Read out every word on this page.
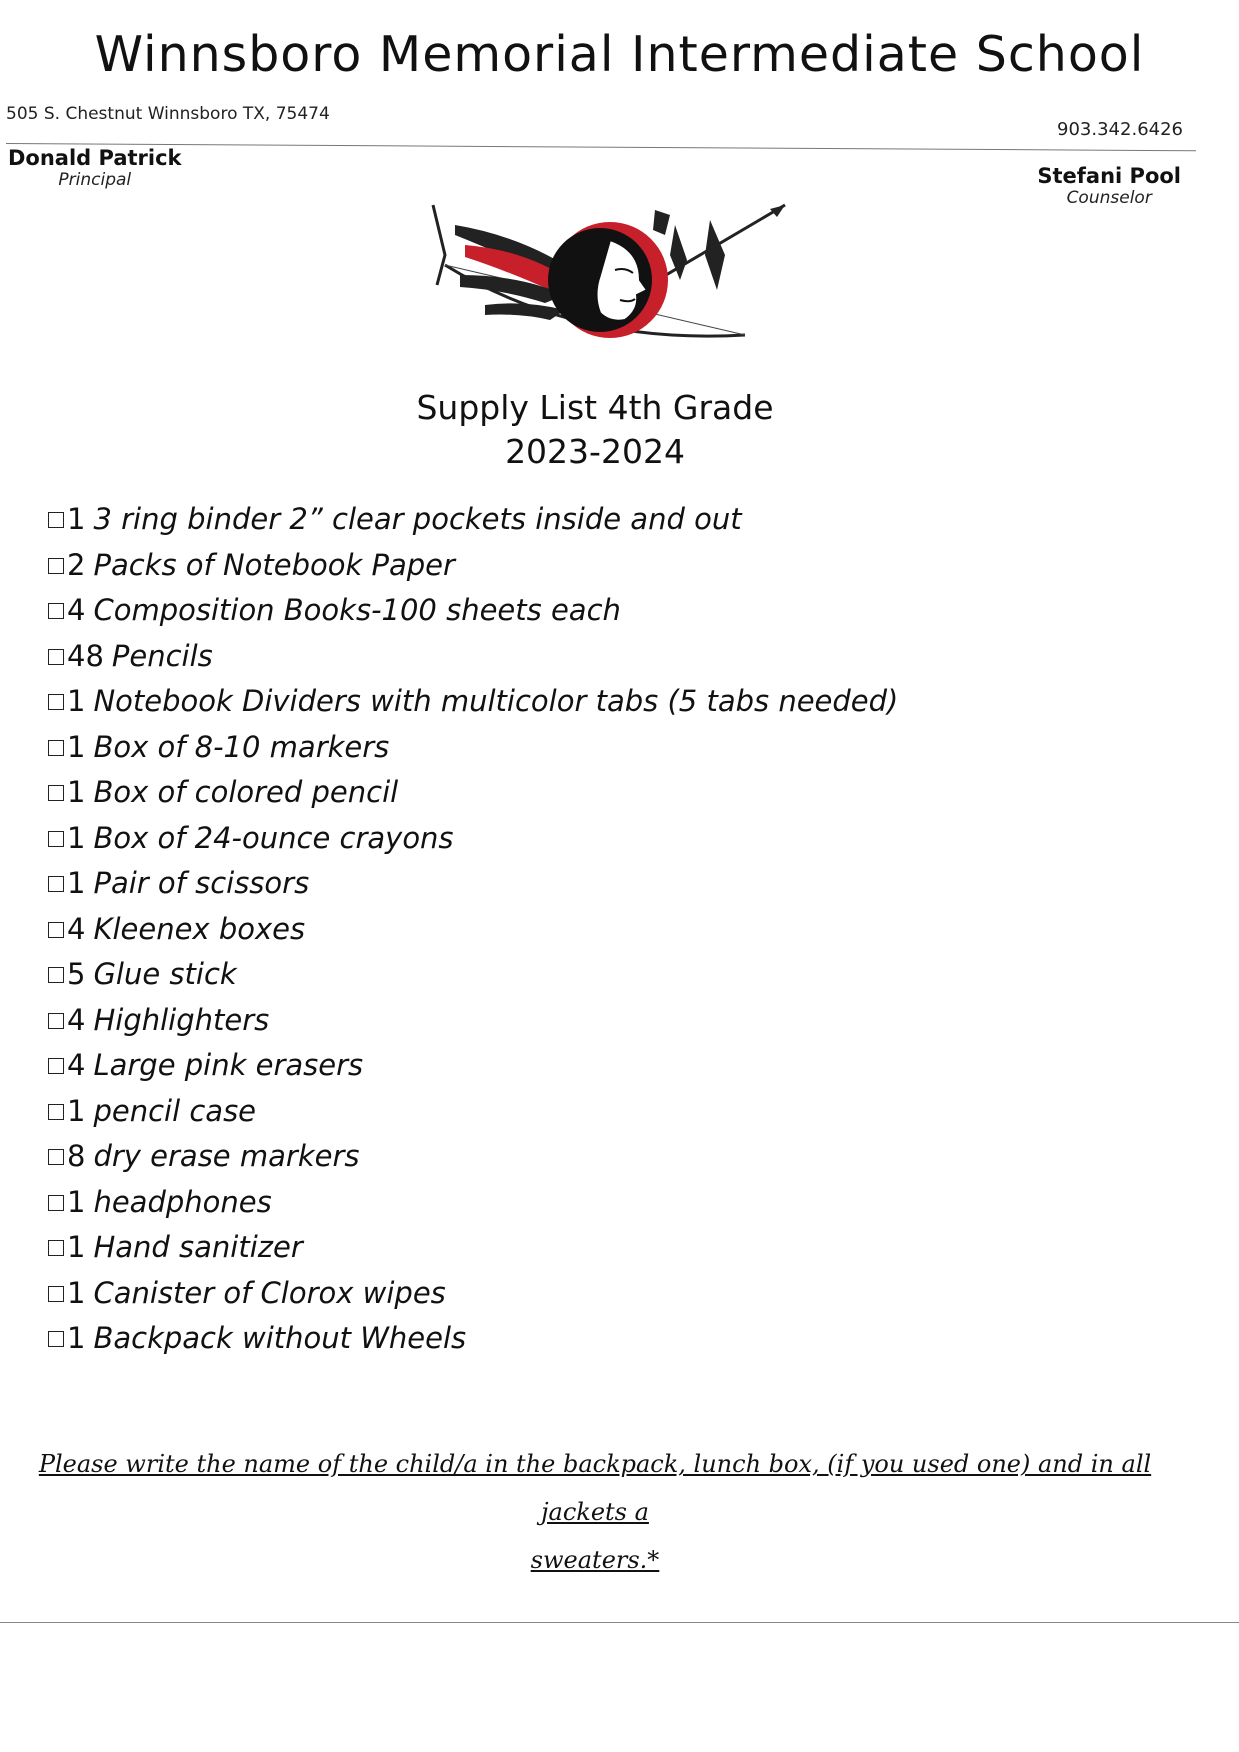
Winnsboro Memorial Intermediate School
505 S. Chestnut Winnsboro TX, 75474
903.342.6426
Donald Patrick
Principal	Stefani Pool
Counselor
Supply List 4th Grade
2023-2024
1 3 ring binder 2” clear pockets inside and out
2 Packs of Notebook Paper
4 Composition Books-100 sheets each
48 Pencils
1 Notebook Dividers with multicolor tabs (5 tabs needed)
1 Box of 8-10 markers
1 Box of colored pencil
1 Box of 24-ounce crayons
1 Pair of scissors
4 Kleenex boxes
5 Glue stick
4 Highlighters
4 Large pink erasers
1 pencil case
8 dry erase markers
1 headphones
1 Hand sanitizer
1 Canister of Clorox wipes
1 Backpack without Wheels
Please write the name of the child/a in the backpack, lunch box, (if you used one) and in all jackets a
sweaters.*
